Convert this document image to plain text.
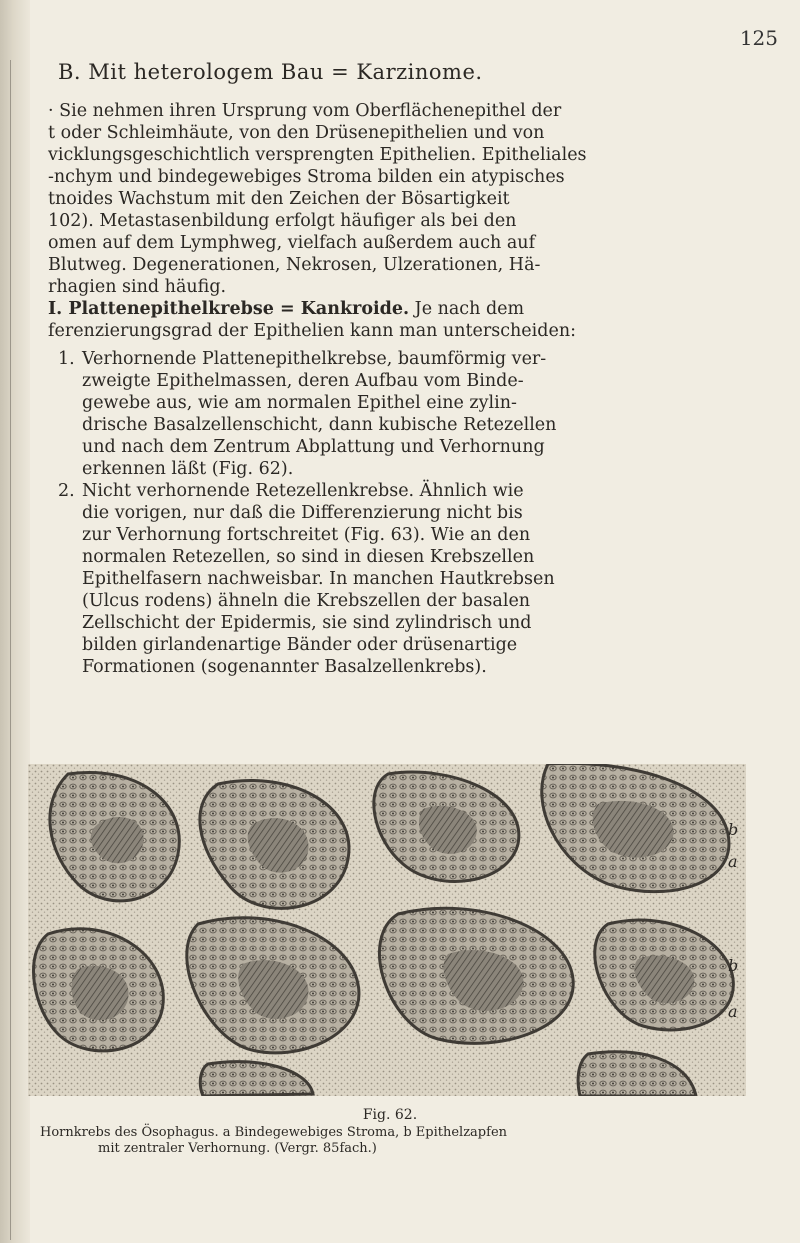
125
B. Mit heterologem Bau = Karzinome.
· Sie nehmen ihren Ursprung vom Oberflächenepithel der
t oder Schleimhäute, von den Drüsenepithelien und von
vicklungsgeschichtlich versprengten Epithelien. Epitheliales
-nchym und bindegewebiges Stroma bilden ein atypisches
tnoides Wachstum mit den Zeichen der Bösartigkeit
102). Metastasenbildung erfolgt häufiger als bei den
omen auf dem Lymphweg, vielfach außerdem auch auf
Blutweg. Degenerationen, Nekrosen, Ulzerationen, Hä-
rhagien sind häufig.
I. Plattenepithelkrebse = Kankroide. Je nach dem
ferenzierungsgrad der Epithelien kann man unterscheiden:
1. Verhornende Plattenepithelkrebse, baumförmig ver-
zweigte Epithelmassen, deren Aufbau vom Binde-
gewebe aus, wie am normalen Epithel eine zylin-
drische Basalzellenschicht, dann kubische Retezellen
und nach dem Zentrum Abplattung und Verhornung
erkennen läßt (Fig. 62).
2. Nicht verhornende Retezellenkrebse. Ähnlich wie
die vorigen, nur daß die Differenzierung nicht bis
zur Verhornung fortschreitet (Fig. 63). Wie an den
normalen Retezellen, so sind in diesen Krebszellen
Epithelfasern nachweisbar. In manchen Hautkrebsen
(Ulcus rodens) ähneln die Krebszellen der basalen
Zellschicht der Epidermis, sie sind zylindrisch und
bilden girlandenartige Bänder oder drüsenartige
Formationen (sogenannter Basalzellenkrebs).
b
a
b
a
Fig. 62.
Hornkrebs des Ösophagus. a Bindegewebiges Stroma, b Epithelzapfen
mit zentraler Verhornung. (Vergr. 85fach.)
